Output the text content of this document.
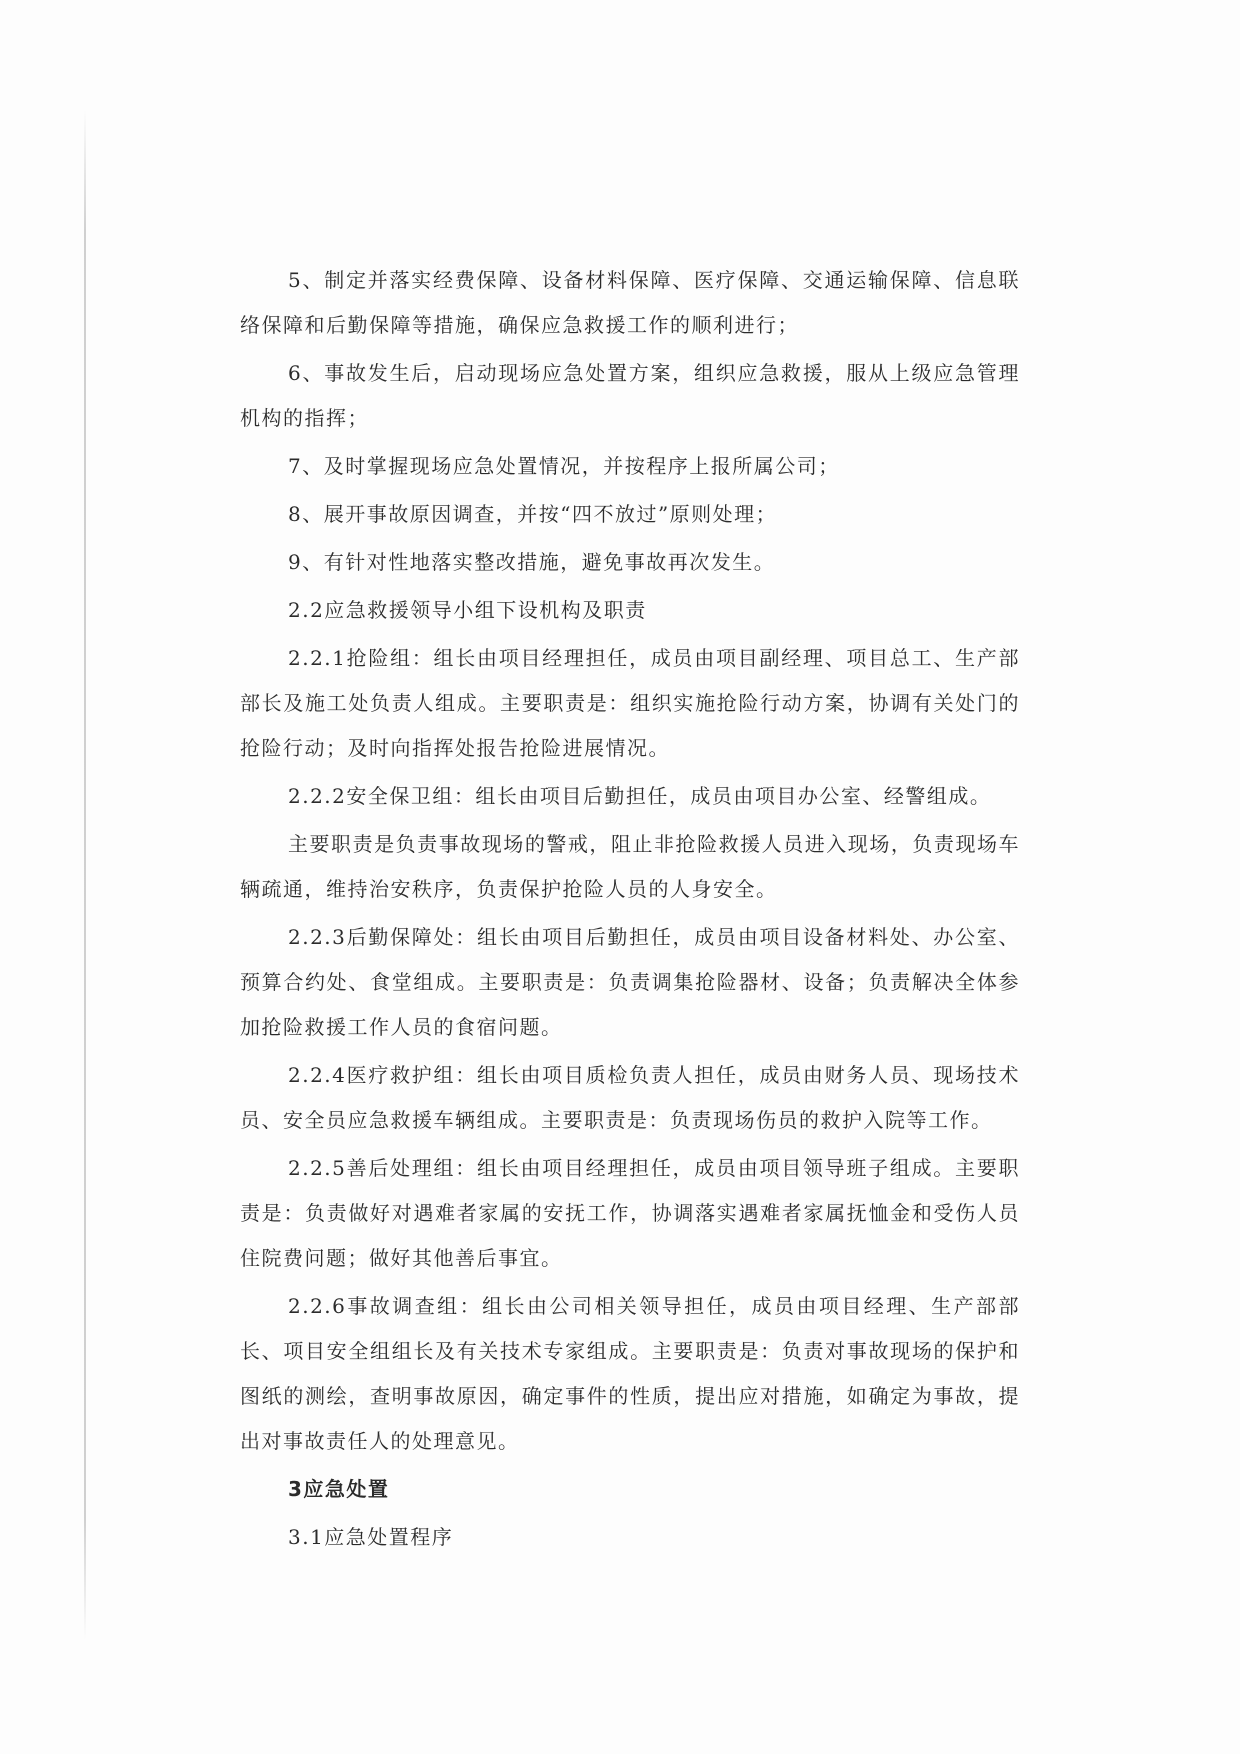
5、制定并落实经费保障、设备材料保障、医疗保障、交通运输保障、信息联络保障和后勤保障等措施，确保应急救援工作的顺利进行；

6、事故发生后，启动现场应急处置方案，组织应急救援，服从上级应急管理机构的指挥；

7、及时掌握现场应急处置情况，并按程序上报所属公司；

8、展开事故原因调查，并按“四不放过”原则处理；

9、有针对性地落实整改措施，避免事故再次发生。

2.2应急救援领导小组下设机构及职责

2.2.1抢险组：组长由项目经理担任，成员由项目副经理、项目总工、生产部部长及施工处负责人组成。主要职责是：组织实施抢险行动方案，协调有关处门的抢险行动；及时向指挥处报告抢险进展情况。

2.2.2安全保卫组：组长由项目后勤担任，成员由项目办公室、经警组成。

主要职责是负责事故现场的警戒，阻止非抢险救援人员进入现场，负责现场车辆疏通，维持治安秩序，负责保护抢险人员的人身安全。

2.2.3后勤保障处：组长由项目后勤担任，成员由项目设备材料处、办公室、预算合约处、食堂组成。主要职责是：负责调集抢险器材、设备；负责解决全体参加抢险救援工作人员的食宿问题。

2.2.4医疗救护组：组长由项目质检负责人担任，成员由财务人员、现场技术员、安全员应急救援车辆组成。主要职责是：负责现场伤员的救护入院等工作。

2.2.5善后处理组：组长由项目经理担任，成员由项目领导班子组成。主要职责是：负责做好对遇难者家属的安抚工作，协调落实遇难者家属抚恤金和受伤人员住院费问题；做好其他善后事宜。

2.2.6事故调查组：组长由公司相关领导担任，成员由项目经理、生产部部长、项目安全组组长及有关技术专家组成。主要职责是：负责对事故现场的保护和图纸的测绘，查明事故原因，确定事件的性质，提出应对措施，如确定为事故，提出对事故责任人的处理意见。

3应急处置

3.1应急处置程序
